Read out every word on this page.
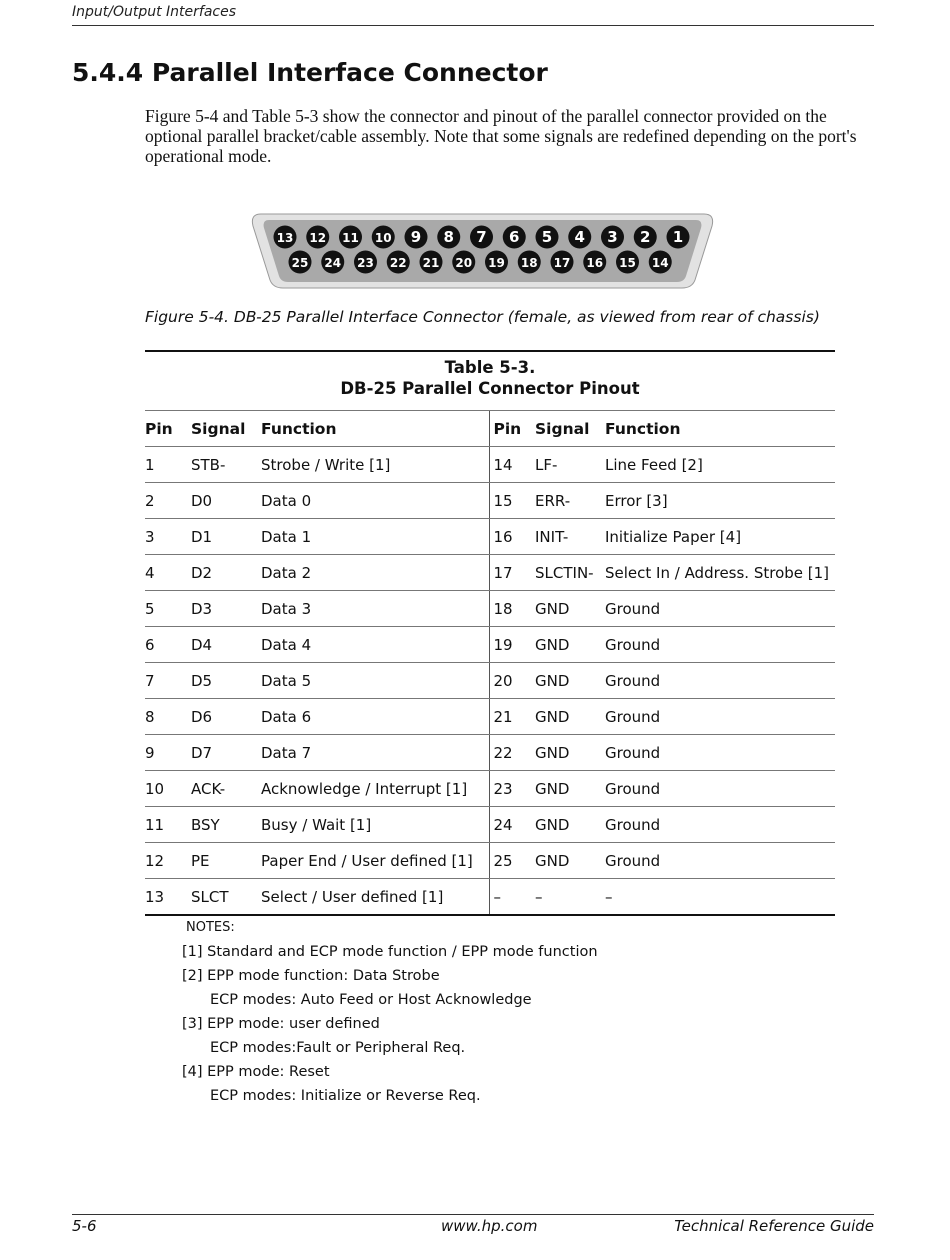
Input/Output Interfaces
5.4.4 Parallel Interface Connector

Figure 5-4 and Table 5-3 show the connector and pinout of the parallel connector provided on the optional parallel bracket/cable assembly. Note that some signals are redefined depending on the port's operational mode.

13 12 11 10 9 8 7 6 5 4 3 2 1
25 24 23 22 21 20 19 18 17 16 15 14
Figure 5-4. DB-25 Parallel Interface Connector (female, as viewed from rear of chassis)
Table 5-3.
DB-25 Parallel Connector Pinout
Pin	Signal	Function	Pin	Signal	Function
1	STB-	Strobe / Write [1]	14	LF-	Line Feed [2]
2	D0	Data 0	15	ERR-	Error [3]
3	D1	Data 1	16	INIT-	Initialize Paper [4]
4	D2	Data 2	17	SLCTIN-	Select In / Address. Strobe [1]
5	D3	Data 3	18	GND	Ground
6	D4	Data 4	19	GND	Ground
7	D5	Data 5	20	GND	Ground
8	D6	Data 6	21	GND	Ground
9	D7	Data 7	22	GND	Ground
10	ACK-	Acknowledge / Interrupt [1]	23	GND	Ground
11	BSY	Busy / Wait [1]	24	GND	Ground
12	PE	Paper End / User defined [1]	25	GND	Ground
13	SLCT	Select / User defined [1]	–	–	–
NOTES:
[1] Standard and ECP mode function / EPP mode function
[2] EPP mode function: Data Strobe
ECP modes: Auto Feed or Host Acknowledge
[3] EPP mode: user defined
ECP modes:Fault or Peripheral Req.
[4] EPP mode: Reset
ECP modes: Initialize or Reverse Req.
5-6	www.hp.com	Technical Reference Guide
